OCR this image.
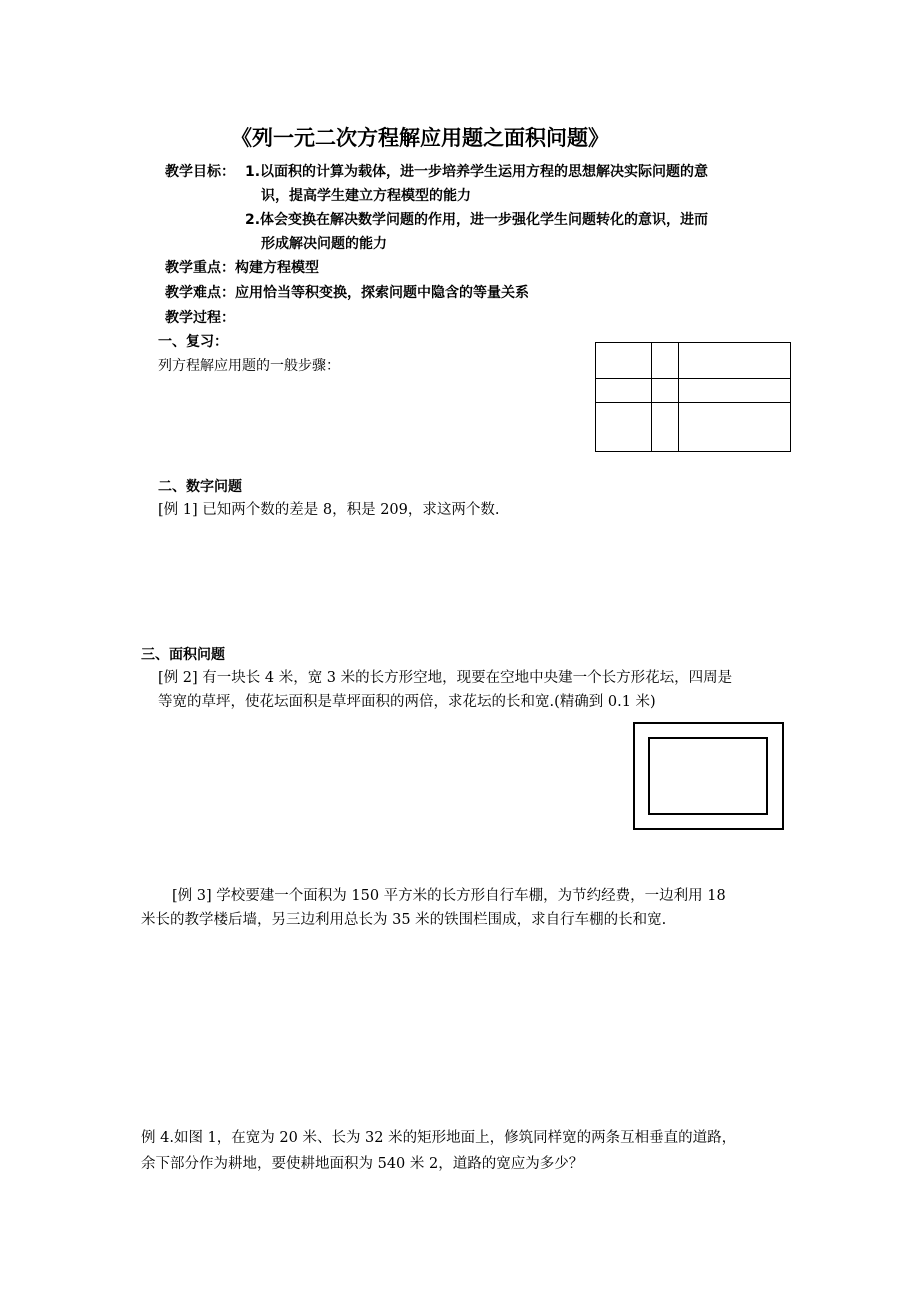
《列一元二次方程解应用题之面积问题》
教学目标： 1.以面积的计算为载体，进一步培养学生运用方程的思想解决实际问题的意
识，提高学生建立方程模型的能力
2.体会变换在解决数学问题的作用，进一步强化学生问题转化的意识，进而
形成解决问题的能力
教学重点：构建方程模型
教学难点：应用恰当等积变换，探索问题中隐含的等量关系
教学过程：
一、复习：
列方程解应用题的一般步骤：

二、数字问题
[例 1] 已知两个数的差是 8，积是 209，求这两个数.
三、面积问题
[例 2] 有一块长 4 米，宽 3 米的长方形空地，现要在空地中央建一个长方形花坛，四周是
等宽的草坪，使花坛面积是草坪面积的两倍，求花坛的长和宽.(精确到 0.1 米)
[例 3] 学校要建一个面积为 150 平方米的长方形自行车棚，为节约经费，一边利用 18
米长的教学楼后墙，另三边利用总长为 35 米的铁围栏围成，求自行车棚的长和宽.
例 4.如图 1，在宽为 20 米、长为 32 米的矩形地面上，修筑同样宽的两条互相垂直的道路，
余下部分作为耕地，要使耕地面积为 540 米 2，道路的宽应为多少？
